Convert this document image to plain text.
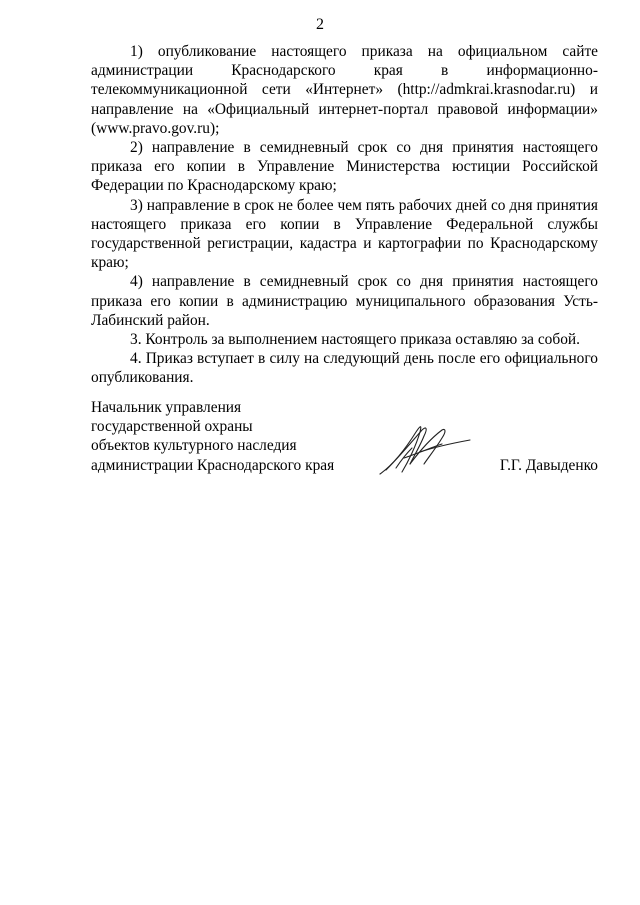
2

1) опубликование настоящего приказа на официальном сайте администрации Краснодарского края в информационно-телекоммуникационной сети «Интернет» (http://admkrai.krasnodar.ru) и направление на «Официальный интернет-портал правовой информации» (www.pravo.gov.ru);

2) направление в семидневный срок со дня принятия настоящего приказа его копии в Управление Министерства юстиции Российской Федерации по Краснодарскому краю;

3) направление в срок не более чем пять рабочих дней со дня принятия настоящего приказа его копии в Управление Федеральной службы государственной регистрации, кадастра и картографии по Краснодарскому краю;

4) направление в семидневный срок со дня принятия настоящего приказа его копии в администрацию муниципального образования Усть-Лабинский район.

3. Контроль за выполнением настоящего приказа оставляю за собой.

4. Приказ вступает в силу на следующий день после его официального опубликования.

Начальник управления
государственной охраны
объектов культурного наследия
администрации Краснодарского края	Г.Г. Давыденко
